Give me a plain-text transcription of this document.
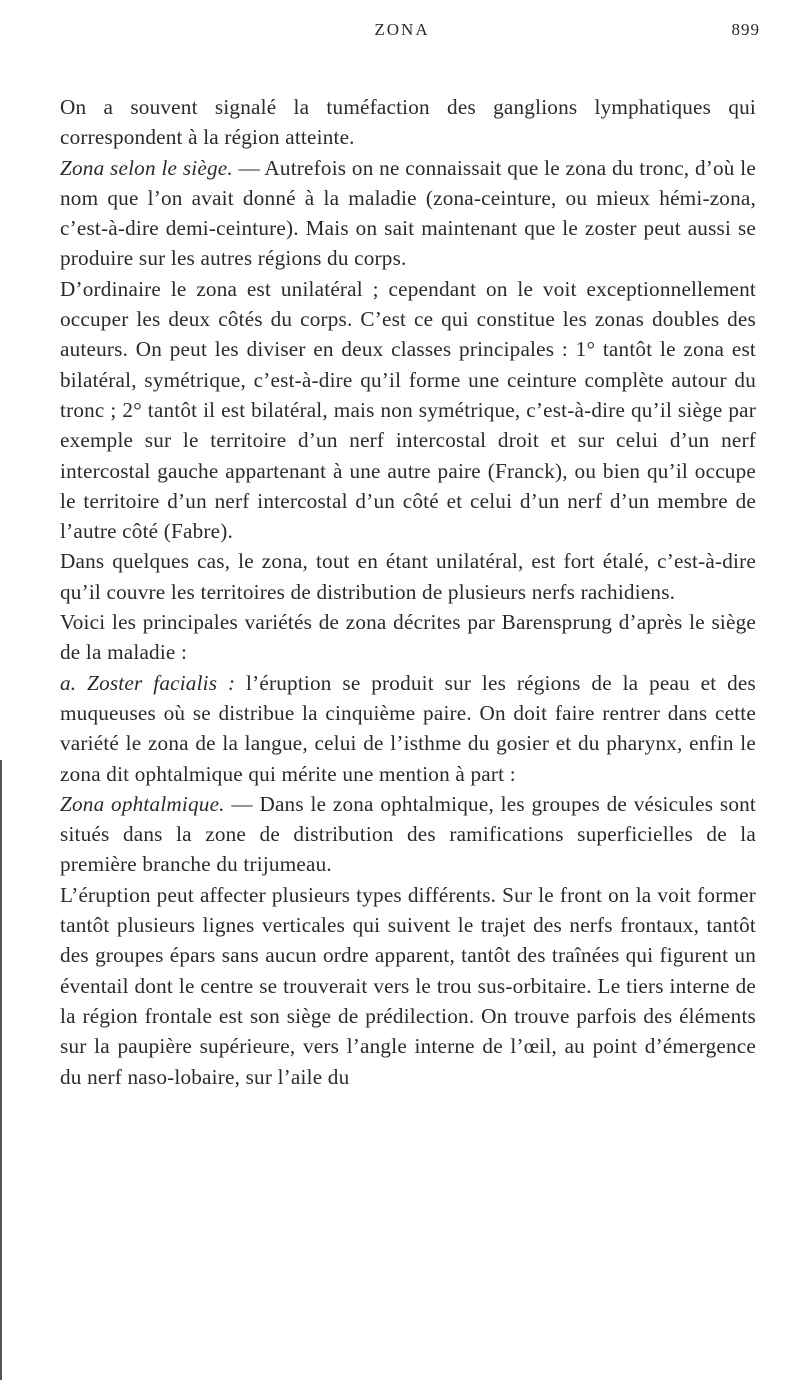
ZONA	899

On a souvent signalé la tuméfaction des ganglions lymphatiques qui correspondent à la région atteinte.

Zona selon le siège. — Autrefois on ne connaissait que le zona du tronc, d’où le nom que l’on avait donné à la maladie (zona-ceinture, ou mieux hémi-zona, c’est-à-dire demi-ceinture). Mais on sait maintenant que le zoster peut aussi se produire sur les autres régions du corps.

D’ordinaire le zona est unilatéral ; cependant on le voit exceptionnellement occuper les deux côtés du corps. C’est ce qui constitue les zonas doubles des auteurs. On peut les diviser en deux classes principales : 1° tantôt le zona est bilatéral, symétrique, c’est-à-dire qu’il forme une ceinture complète autour du tronc ; 2° tantôt il est bilatéral, mais non symétrique, c’est-à-dire qu’il siège par exemple sur le territoire d’un nerf intercostal droit et sur celui d’un nerf intercostal gauche appartenant à une autre paire (Franck), ou bien qu’il occupe le territoire d’un nerf intercostal d’un côté et celui d’un nerf d’un membre de l’autre côté (Fabre).

Dans quelques cas, le zona, tout en étant unilatéral, est fort étalé, c’est-à-dire qu’il couvre les territoires de distribution de plusieurs nerfs rachidiens.

Voici les principales variétés de zona décrites par Barensprung d’après le siège de la maladie :

a. Zoster facialis : l’éruption se produit sur les régions de la peau et des muqueuses où se distribue la cinquième paire. On doit faire rentrer dans cette variété le zona de la langue, celui de l’isthme du gosier et du pharynx, enfin le zona dit ophtalmique qui mérite une mention à part :

Zona ophtalmique. — Dans le zona ophtalmique, les groupes de vésicules sont situés dans la zone de distribution des ramifications superficielles de la première branche du trijumeau.

L’éruption peut affecter plusieurs types différents. Sur le front on la voit former tantôt plusieurs lignes verticales qui suivent le trajet des nerfs frontaux, tantôt des groupes épars sans aucun ordre apparent, tantôt des traînées qui figurent un éventail dont le centre se trouverait vers le trou sus-orbitaire. Le tiers interne de la région frontale est son siège de prédilection. On trouve parfois des éléments sur la paupière supérieure, vers l’angle interne de l’œil, au point d’émergence du nerf naso-lobaire, sur l’aile du
